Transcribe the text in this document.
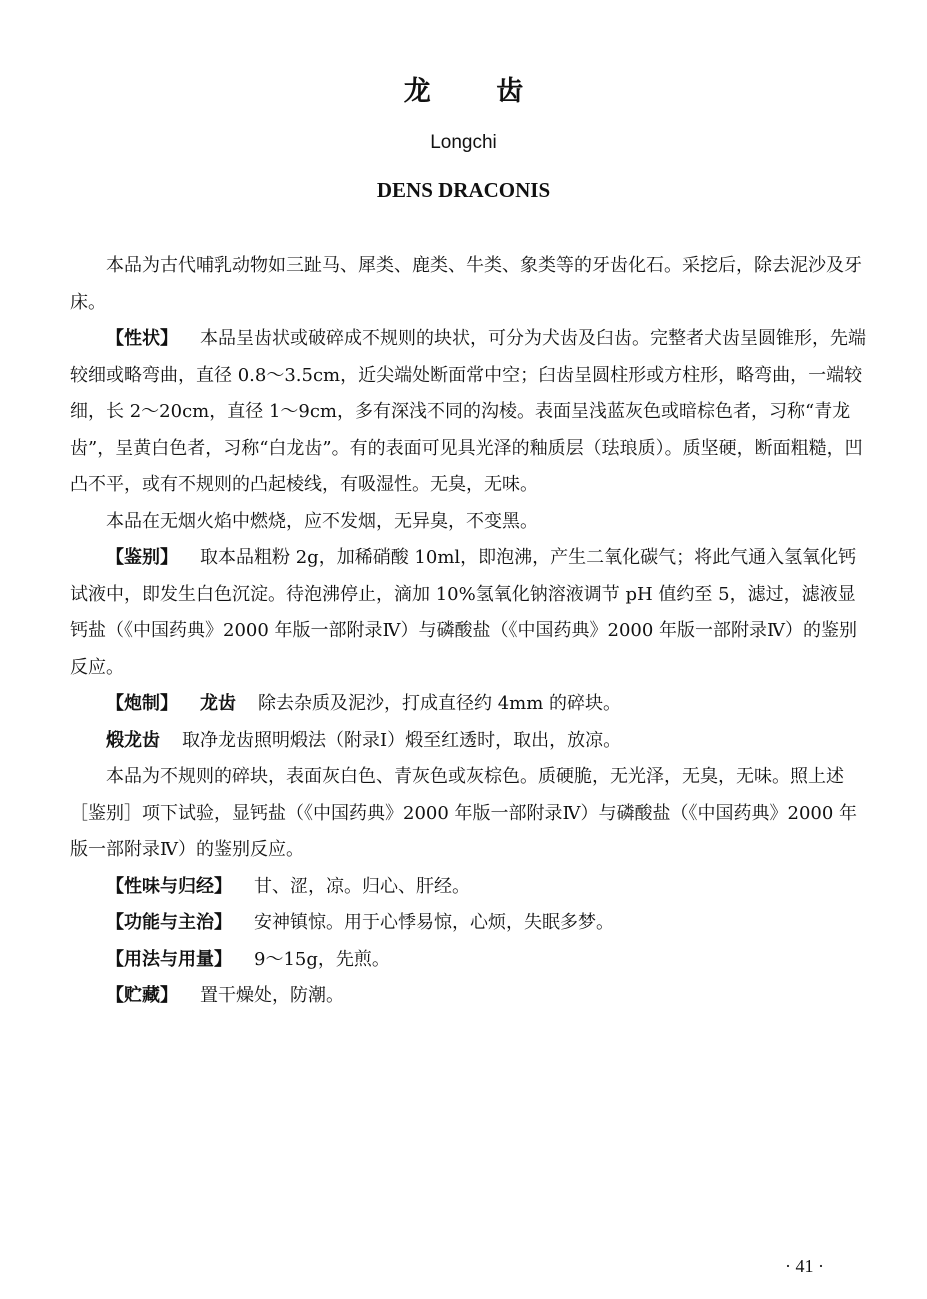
龙 齿
Longchi
DENS DRACONIS

本品为古代哺乳动物如三趾马、犀类、鹿类、牛类、象类等的牙齿化石。采挖后，除去泥沙及牙床。

【性状】 本品呈齿状或破碎成不规则的块状，可分为犬齿及臼齿。完整者犬齿呈圆锥形，先端较细或略弯曲，直径 0.8～3.5cm，近尖端处断面常中空；臼齿呈圆柱形或方柱形，略弯曲，一端较细，长 2～20cm，直径 1～9cm，多有深浅不同的沟棱。表面呈浅蓝灰色或暗棕色者，习称“青龙齿”，呈黄白色者，习称“白龙齿”。有的表面可见具光泽的釉质层（珐琅质）。质坚硬，断面粗糙，凹凸不平，或有不规则的凸起棱线，有吸湿性。无臭，无味。

本品在无烟火焰中燃烧，应不发烟，无异臭，不变黑。

【鉴别】 取本品粗粉 2g，加稀硝酸 10ml，即泡沸，产生二氧化碳气；将此气通入氢氧化钙试液中，即发生白色沉淀。待泡沸停止，滴加 10%氢氧化钠溶液调节 pH 值约至 5，滤过，滤液显钙盐（《中国药典》2000 年版一部附录Ⅳ）与磷酸盐（《中国药典》2000 年版一部附录Ⅳ）的鉴别反应。

【炮制】 龙齿 除去杂质及泥沙，打成直径约 4mm 的碎块。

煅龙齿 取净龙齿照明煅法（附录Ⅰ）煅至红透时，取出，放凉。

本品为不规则的碎块，表面灰白色、青灰色或灰棕色。质硬脆，无光泽，无臭，无味。照上述［鉴别］项下试验，显钙盐（《中国药典》2000 年版一部附录Ⅳ）与磷酸盐（《中国药典》2000 年版一部附录Ⅳ）的鉴别反应。

【性味与归经】 甘、涩，凉。归心、肝经。

【功能与主治】 安神镇惊。用于心悸易惊，心烦，失眠多梦。

【用法与用量】 9～15g，先煎。

【贮藏】 置干燥处，防潮。

· 41 ·
